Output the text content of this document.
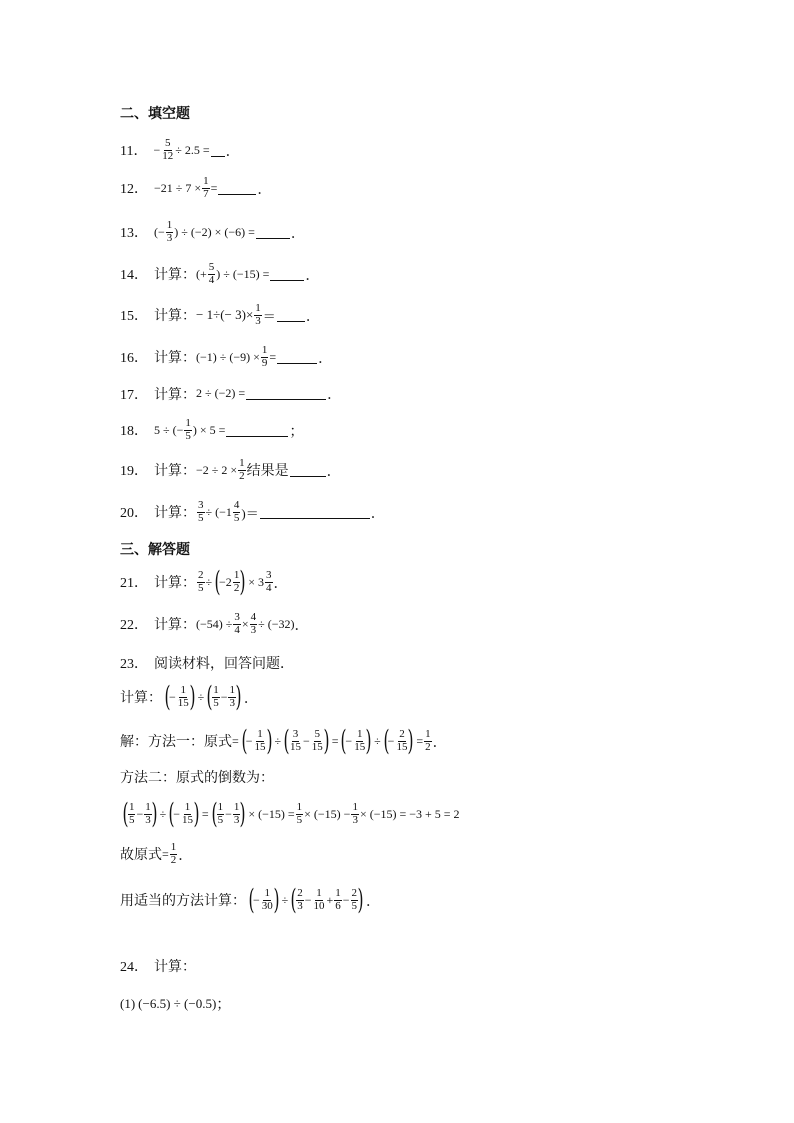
二、填空题
11． − $\frac{5}{12} \div 2.5$ = ．
12． $-21 \div 7 \times \frac{1}{7}$ =	．
13． (− $\frac{1}{3}$ ) ÷ (−2) × (−6) = ．
14． 计算： (+ $\frac{5}{4}$ ) ÷ (−15) = ．
15． 计算： − $1\div(- 3)\times \frac{1}{3}$ ＝ ．
16． 计算： $(-1) \div (-9) \times \frac{1}{9}$ =	．
17． 计算： 2 ÷ (−2) =	．
18． 5 ÷ (− $\frac{1}{5}$ ) × 5 =	；
19． 计算： $-2 \div 2 \times \frac{1}{2}$ 结果是	．
20． 计算： $\frac{3}{5} \div (-1 \frac{4}{5}$ )＝	．
三、解答题
21． 计算： $\frac{2}{5}$ ÷ (
$-2 \frac{1}{2}$ ) × $3 \frac{3}{4}$ ．
22． 计算： $(-54) \div \frac{3}{4} \times \frac{4}{3} \div (-32)$ ．
23． 阅读材料，回答问题．
计算： (
− $\frac{1}{15}$ ) ÷ ( $\frac{1}{5} - \frac{1}{3}$ ) ．
解：方法一：原式 = (
− $\frac{1}{15}$ ) ÷ ( $\frac{3}{15} - \frac{5}{15}$ ) = (
− $\frac{1}{15}$ ) ÷ (
− $\frac{2}{15}$ ) = $\frac{1}{2}$ ．
方法二：原式的倒数为：
( $\frac{1}{5} - \frac{1}{3}$ ) ÷ (
− $\frac{1}{15}$ ) = ( $\frac{1}{5} - \frac{1}{3}$ ) × $(-15) = \frac{1}{5} \times (-15) - \frac{1}{3} \times (-15) = -3 + 5 = 2$
故原式 = $\frac{1}{2}$ ．
用适当的方法计算： (
− $\frac{1}{30}$ ) ÷ ( $\frac{2}{3} - \frac{1}{10} + \frac{1}{6} - \frac{2}{5}$ ) ．
24． 计算：
(1) (−6.5) ÷ (−0.5) ；
